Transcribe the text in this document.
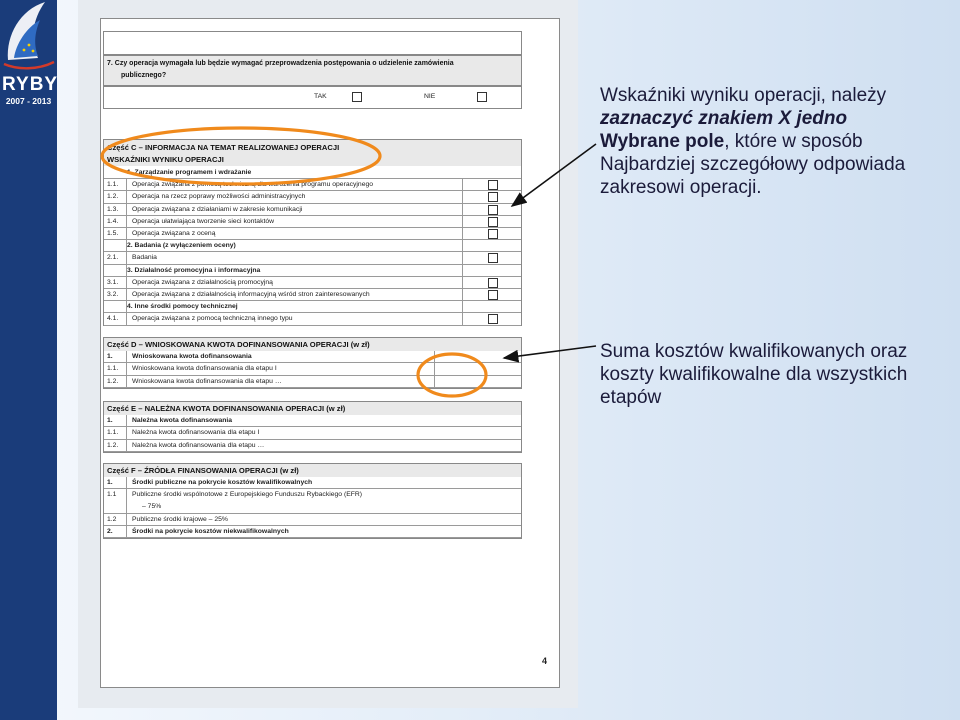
RYBY
2007 - 2013
7. Czy operacja wymagała lub będzie wymagać przeprowadzenia postępowania o udzielenie zamówienia
publicznego?
TAK	NIE
Część C – INFORMACJA NA TEMAT REALIZOWANEJ OPERACJI
WSKAŹNIKI WYNIKU OPERACJI
1. Zarządzanie programem i wdrażanie
1.1. Operacja związana z pomocą techniczną dla wdrożenia programu operacyjnego
1.2. Operacja na rzecz poprawy możliwości administracyjnych
1.3. Operacja związana z działaniami w zakresie komunikacji
1.4. Operacja ułatwiająca tworzenie sieci kontaktów
1.5. Operacja związana z oceną
2. Badania (z wyłączeniem oceny)
2.1. Badania
3. Działalność promocyjna i informacyjna
3.1. Operacja związana z działalnością promocyjną
3.2. Operacja związana z działalnością informacyjną wśród stron zainteresowanych
4. Inne środki pomocy technicznej
4.1. Operacja związana z pomocą techniczną innego typu
Część D – WNIOSKOWANA KWOTA DOFINANSOWANIA OPERACJI (w zł)
1.	Wnioskowana kwota dofinansowania
1.1. Wnioskowana kwota dofinansowania dla etapu I
1.2. Wnioskowana kwota dofinansowania dla etapu …
Część E – NALEŻNA KWOTA DOFINANSOWANIA OPERACJI (w zł)
1.	Należna kwota dofinansowania
1.1. Należna kwota dofinansowania dla etapu I
1.2. Należna kwota dofinansowania dla etapu …
Część F – ŹRÓDŁA FINANSOWANIA OPERACJI (w zł)
1.	Środki publiczne na pokrycie kosztów kwalifikowalnych
1.1 Publiczne środki wspólnotowe z Europejskiego Funduszu Rybackiego (EFR)
– 75%
1.2 Publiczne środki krajowe – 25%
2.	Środki na pokrycie kosztów niekwalifikowalnych
4
Wskaźniki wyniku operacji, należy
zaznaczyć znakiem X jedno
Wybrane pole, które w sposób
Najbardziej szczegółowy odpowiada
zakresowi operacji.
Suma kosztów kwalifikowanych oraz
koszty kwalifikowalne dla wszystkich
etapów
